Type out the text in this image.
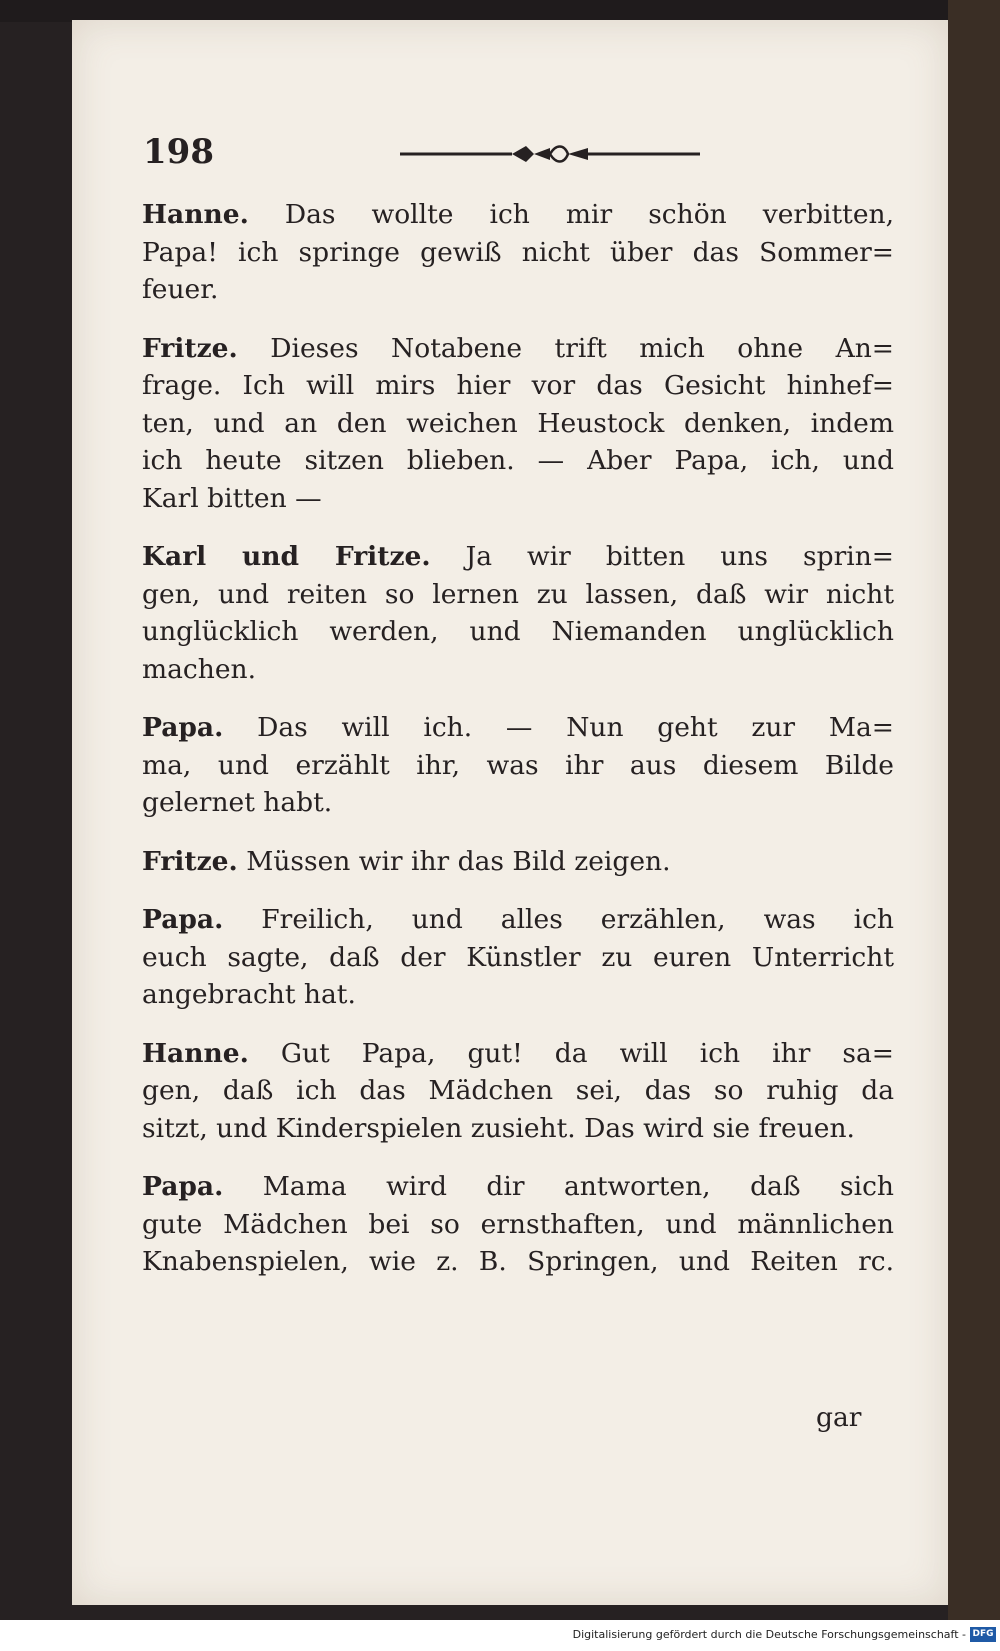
198
Hanne. Das wollte ich mir schön verbitten,
Papa! ich springe gewiß nicht über das Sommer=
feuer.
Fritze. Dieses Notabene trift mich ohne An=
frage. Ich will mirs hier vor das Gesicht hinhef=
ten, und an den weichen Heustock denken, indem
ich heute sitzen blieben. — Aber Papa, ich, und
Karl bitten —
Karl und Fritze. Ja wir bitten uns sprin=
gen, und reiten so lernen zu lassen, daß wir nicht
unglücklich werden, und Niemanden unglücklich
machen.
Papa. Das will ich. — Nun geht zur Ma=
ma, und erzählt ihr, was ihr aus diesem Bilde
gelernet habt.
Fritze. Müssen wir ihr das Bild zeigen.
Papa. Freilich, und alles erzählen, was ich
euch sagte, daß der Künstler zu euren Unterricht
angebracht hat.
Hanne. Gut Papa, gut! da will ich ihr sa=
gen, daß ich das Mädchen sei, das so ruhig da
sitzt, und Kinderspielen zusieht. Das wird sie freuen.
Papa. Mama wird dir antworten, daß sich
gute Mädchen bei so ernsthaften, und männlichen
Knabenspielen, wie z. B. Springen, und Reiten rc.
gar
Digitalisierung gefördert durch die Deutsche Forschungsgemeinschaft - DFG
